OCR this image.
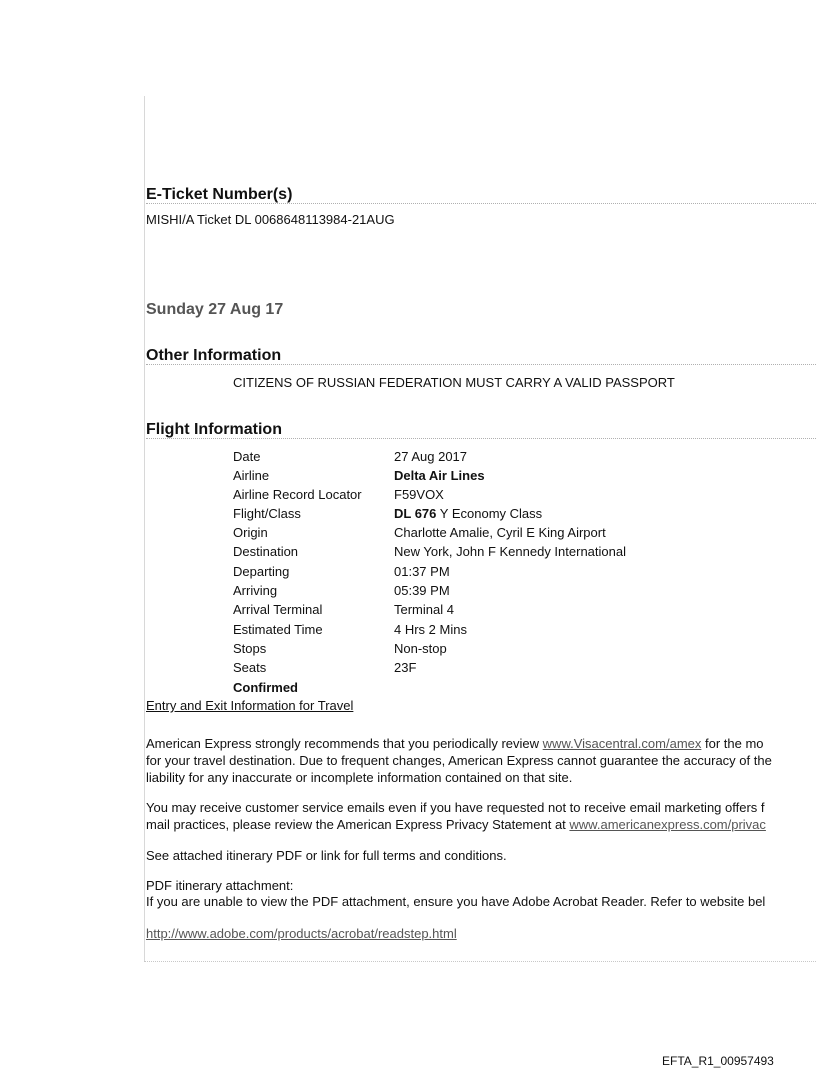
E-Ticket Number(s)
MISHI/A Ticket DL 0068648113984-21AUG
Sunday 27 Aug 17
Other Information
CITIZENS OF RUSSIAN FEDERATION MUST CARRY A VALID PASSPORT
Flight Information
Date	27 Aug 2017
Airline	Delta Air Lines
Airline Record Locator F59VOX
Flight/Class	DL 676 Y Economy Class
Origin	Charlotte Amalie, Cyril E King Airport
Destination	New York, John F Kennedy International
Departing	01:37 PM
Arriving	05:39 PM
Arrival Terminal	Terminal 4
Estimated Time	4 Hrs 2 Mins
Stops	Non-stop
Seats	23F
Confirmed
Entry and Exit Information for Travel
American Express strongly recommends that you periodically review www.Visacentral.com/amex for the mo
for your travel destination. Due to frequent changes, American Express cannot guarantee the accuracy of the
liability for any inaccurate or incomplete information contained on that site.
You may receive customer service emails even if you have requested not to receive email marketing offers f
mail practices, please review the American Express Privacy Statement at www.americanexpress.com/privac
See attached itinerary PDF or link for full terms and conditions.
PDF itinerary attachment:
If you are unable to view the PDF attachment, ensure you have Adobe Acrobat Reader. Refer to website bel
http://www.adobe.com/products/acrobat/readstep.html
EFTA_R1_00957493
